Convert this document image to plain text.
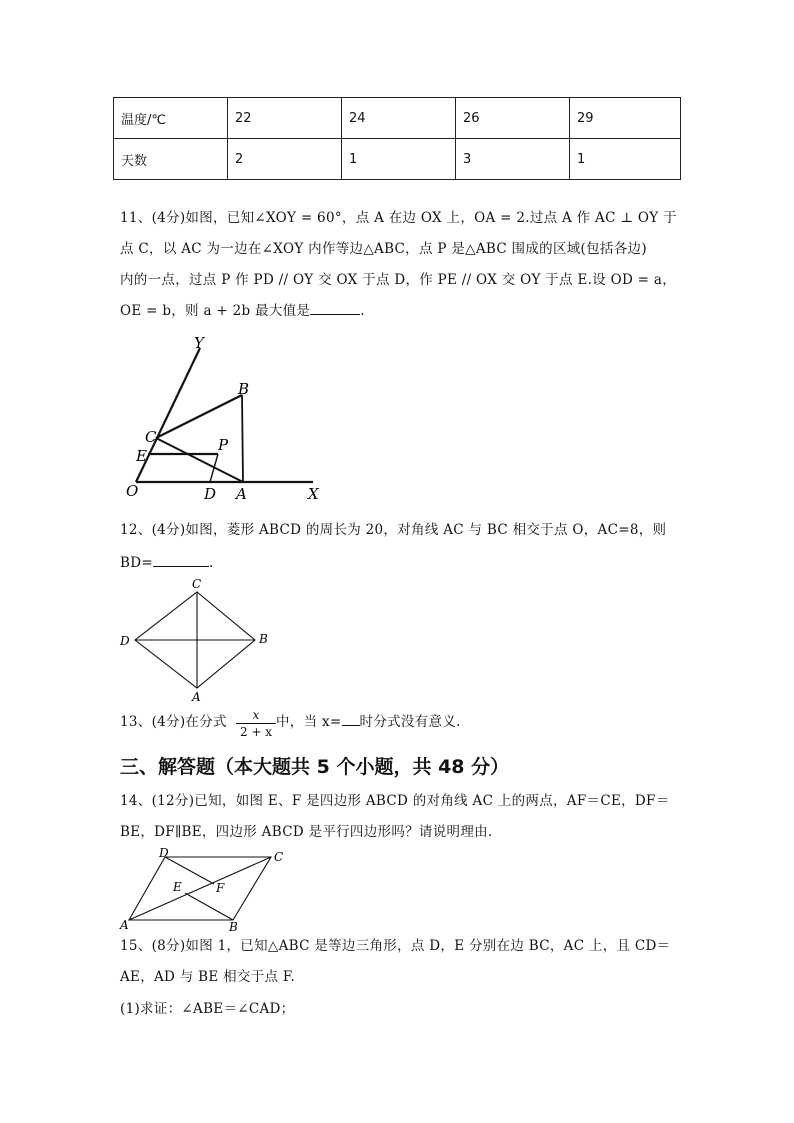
温度/℃	22	24	26	29
天数	2	1	3	1
11、(4分)如图，已知∠XOY = 60°，点 A 在边 OX 上，OA = 2.过点 A 作 AC ⊥ OY 于
点 C，以 AC 为一边在∠XOY 内作等边△ABC，点 P 是△ABC 围成的区域(包括各边)
内的一点，过点 P 作 PD // OY 交 OX 于点 D，作 PE // OX 交 OY 于点 E.设 OD = a，
OE = b，则 a + 2b 最大值是	.
Y
B
C	P
E
O	D A	X
12、(4分)如图，菱形 ABCD 的周长为 20，对角线 AC 与 BC 相交于点 O，AC=8，则
BD=	.
C
D	B
A
13、(4分)在分式	x
2 + x
中，当 x= 时分式没有意义.
三、解答题（本大题共 5 个小题，共 48 分）
14、(12分)已知，如图 E、F 是四边形 ABCD 的对角线 AC 上的两点，AF＝CE，DF＝
BE，DF∥BE，四边形 ABCD 是平行四边形吗？请说明理由.
D	C
E	F
A	B
15、(8分)如图 1，已知△ABC 是等边三角形，点 D，E 分别在边 BC，AC 上，且 CD＝
AE，AD 与 BE 相交于点 F.
(1)求证：∠ABE＝∠CAD；
